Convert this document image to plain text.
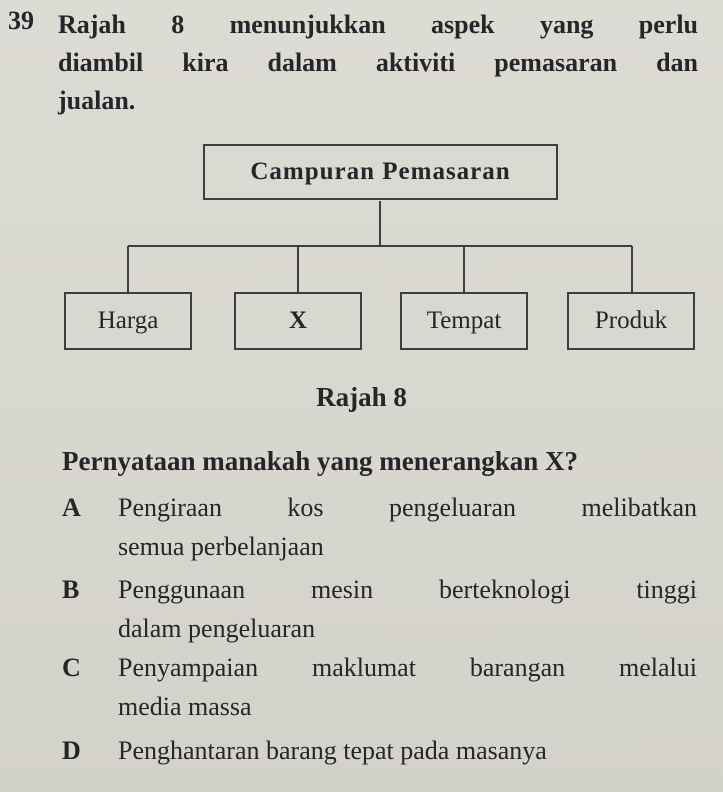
39 Rajah 8 menunjukkan aspek yang perlu
diambil kira dalam aktiviti pemasaran dan
jualan.
Campuran Pemasaran
Harga	X	Tempat	Produk
Rajah 8
Pernyataan manakah yang menerangkan X?
A	Pengiraan kos pengeluaran melibatkan
semua perbelanjaan
B	Penggunaan mesin berteknologi tinggi
dalam pengeluaran
C	Penyampaian maklumat barangan melalui
media massa
D	Penghantaran barang tepat pada masanya
